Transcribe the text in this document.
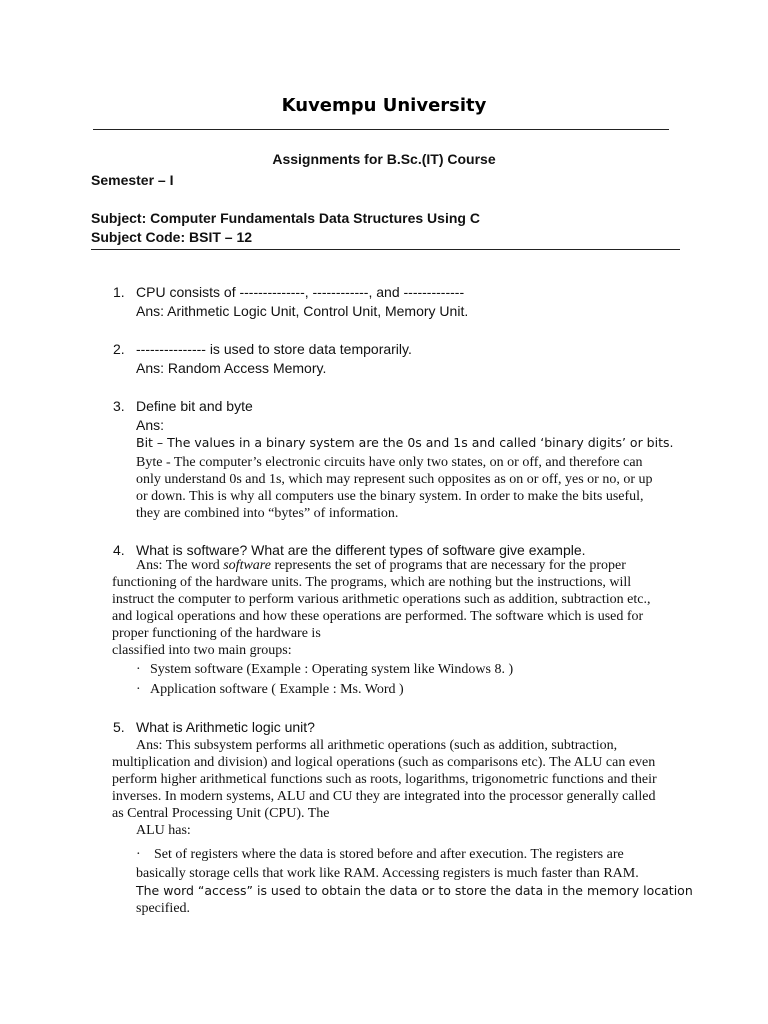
Kuvempu University
Assignments for B.Sc.(IT) Course
Semester – I
Subject: Computer Fundamentals Data Structures Using C
Subject Code: BSIT – 12
1. CPU consists of --------------, ------------, and -------------
Ans: Arithmetic Logic Unit, Control Unit, Memory Unit.
2. --------------- is used to store data temporarily.
Ans: Random Access Memory.
3. Define bit and byte
Ans:
Bit – The values in a binary system are the 0s and 1s and called ‘binary digits’ or bits.
Byte - The computer’s electronic circuits have only two states, on or off, and therefore can
only understand 0s and 1s, which may represent such opposites as on or off, yes or no, or up
or down. This is why all computers use the binary system. In order to make the bits useful,
they are combined into “bytes” of information.
4. What is software? What are the different types of software give example.
Ans: The word software represents the set of programs that are necessary for the proper
functioning of the hardware units. The programs, which are nothing but the instructions, will
instruct the computer to perform various arithmetic operations such as addition, subtraction etc.,
and logical operations and how these operations are performed. The software which is used for
proper functioning of the hardware is
classified into two main groups:
· System software (Example : Operating system like Windows 8. )
· Application software ( Example : Ms. Word )
5. What is Arithmetic logic unit?
Ans: This subsystem performs all arithmetic operations (such as addition, subtraction,
multiplication and division) and logical operations (such as comparisons etc). The ALU can even
perform higher arithmetical functions such as roots, logarithms, trigonometric functions and their
inverses. In modern systems, ALU and CU they are integrated into the processor generally called
as Central Processing Unit (CPU). The
ALU has:
· Set of registers where the data is stored before and after execution. The registers are
basically storage cells that work like RAM. Accessing registers is much faster than RAM.
The word “access” is used to obtain the data or to store the data in the memory location
specified.
